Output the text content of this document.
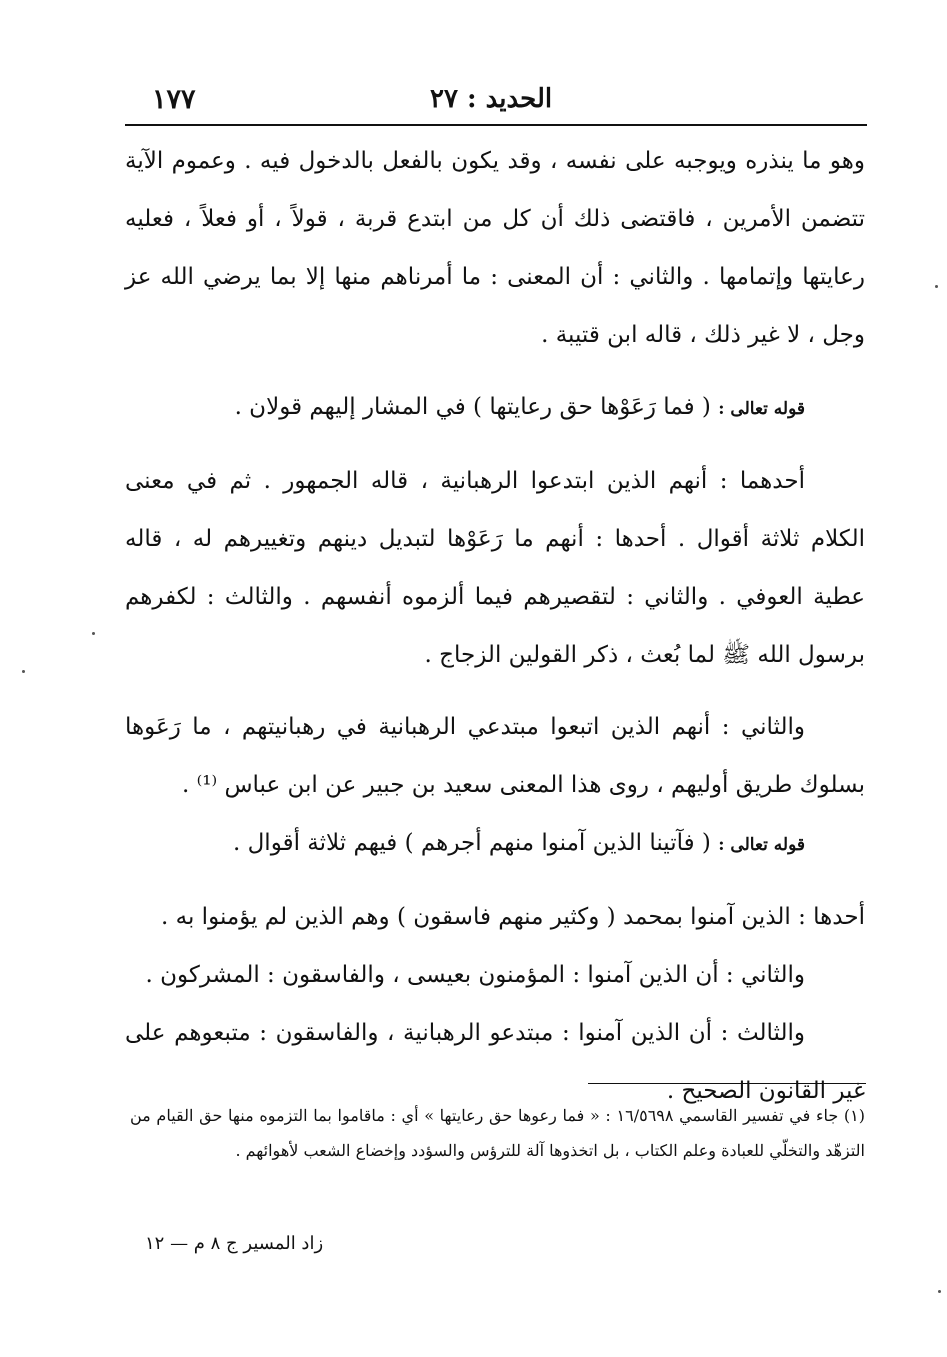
١٧٧	الحديد : ٢٧

وهو ما ينذره ويوجبه على نفسه ، وقد يكون بالفعل بالدخول فيه . وعموم الآية تتضمن الأمرين ، فاقتضى ذلك أن كل من ابتدع قربة ، قولاً ، أو فعلاً ، فعليه رعايتها وإتمامها . والثاني : أن المعنى : ما أمرناهم منها إلا بما يرضي الله عز وجل ، لا غير ذلك ، قاله ابن قتيبة .

قوله تعالى : ( فما رَعَوْها حق رعايتها ) في المشار إليهم قولان .

أحدهما : أنهم الذين ابتدعوا الرهبانية ، قاله الجمهور . ثم في معنى الكلام ثلاثة أقوال . أحدها : أنهم ما رَعَوْها لتبديل دينهم وتغييرهم له ، قاله عطية العوفي . والثاني : لتقصيرهم فيما ألزموه أنفسهم . والثالث : لكفرهم برسول الله ﷺ لما بُعث ، ذكر القولين الزجاج .

والثاني : أنهم الذين اتبعوا مبتدعي الرهبانية في رهبانيتهم ، ما رَعَوها بسلوك طريق أوليهم ، روى هذا المعنى سعيد بن جبير عن ابن عباس ⁽¹⁾ .

قوله تعالى : ( فآتينا الذين آمنوا منهم أجرهم ) فيهم ثلاثة أقوال .

أحدها : الذين آمنوا بمحمد ( وكثير منهم فاسقون ) وهم الذين لم يؤمنوا به .

والثاني : أن الذين آمنوا : المؤمنون بعيسى ، والفاسقون : المشركون .

والثالث : أن الذين آمنوا : مبتدعو الرهبانية ، والفاسقون : متبعوهم على غير القانون الصحيح .

(١) جاء في تفسير القاسمي ١٦/٥٦٩٨ : « فما رعوها حق رعايتها » أي : ماقاموا بما التزموه منها حق القيام من التزهّد والتخلّي للعبادة وعلم الكتاب ، بل اتخذوها آلة للترؤس والسؤدد وإخضاع الشعب لأهوائهم .

زاد المسير ج ٨ م — ١٢
